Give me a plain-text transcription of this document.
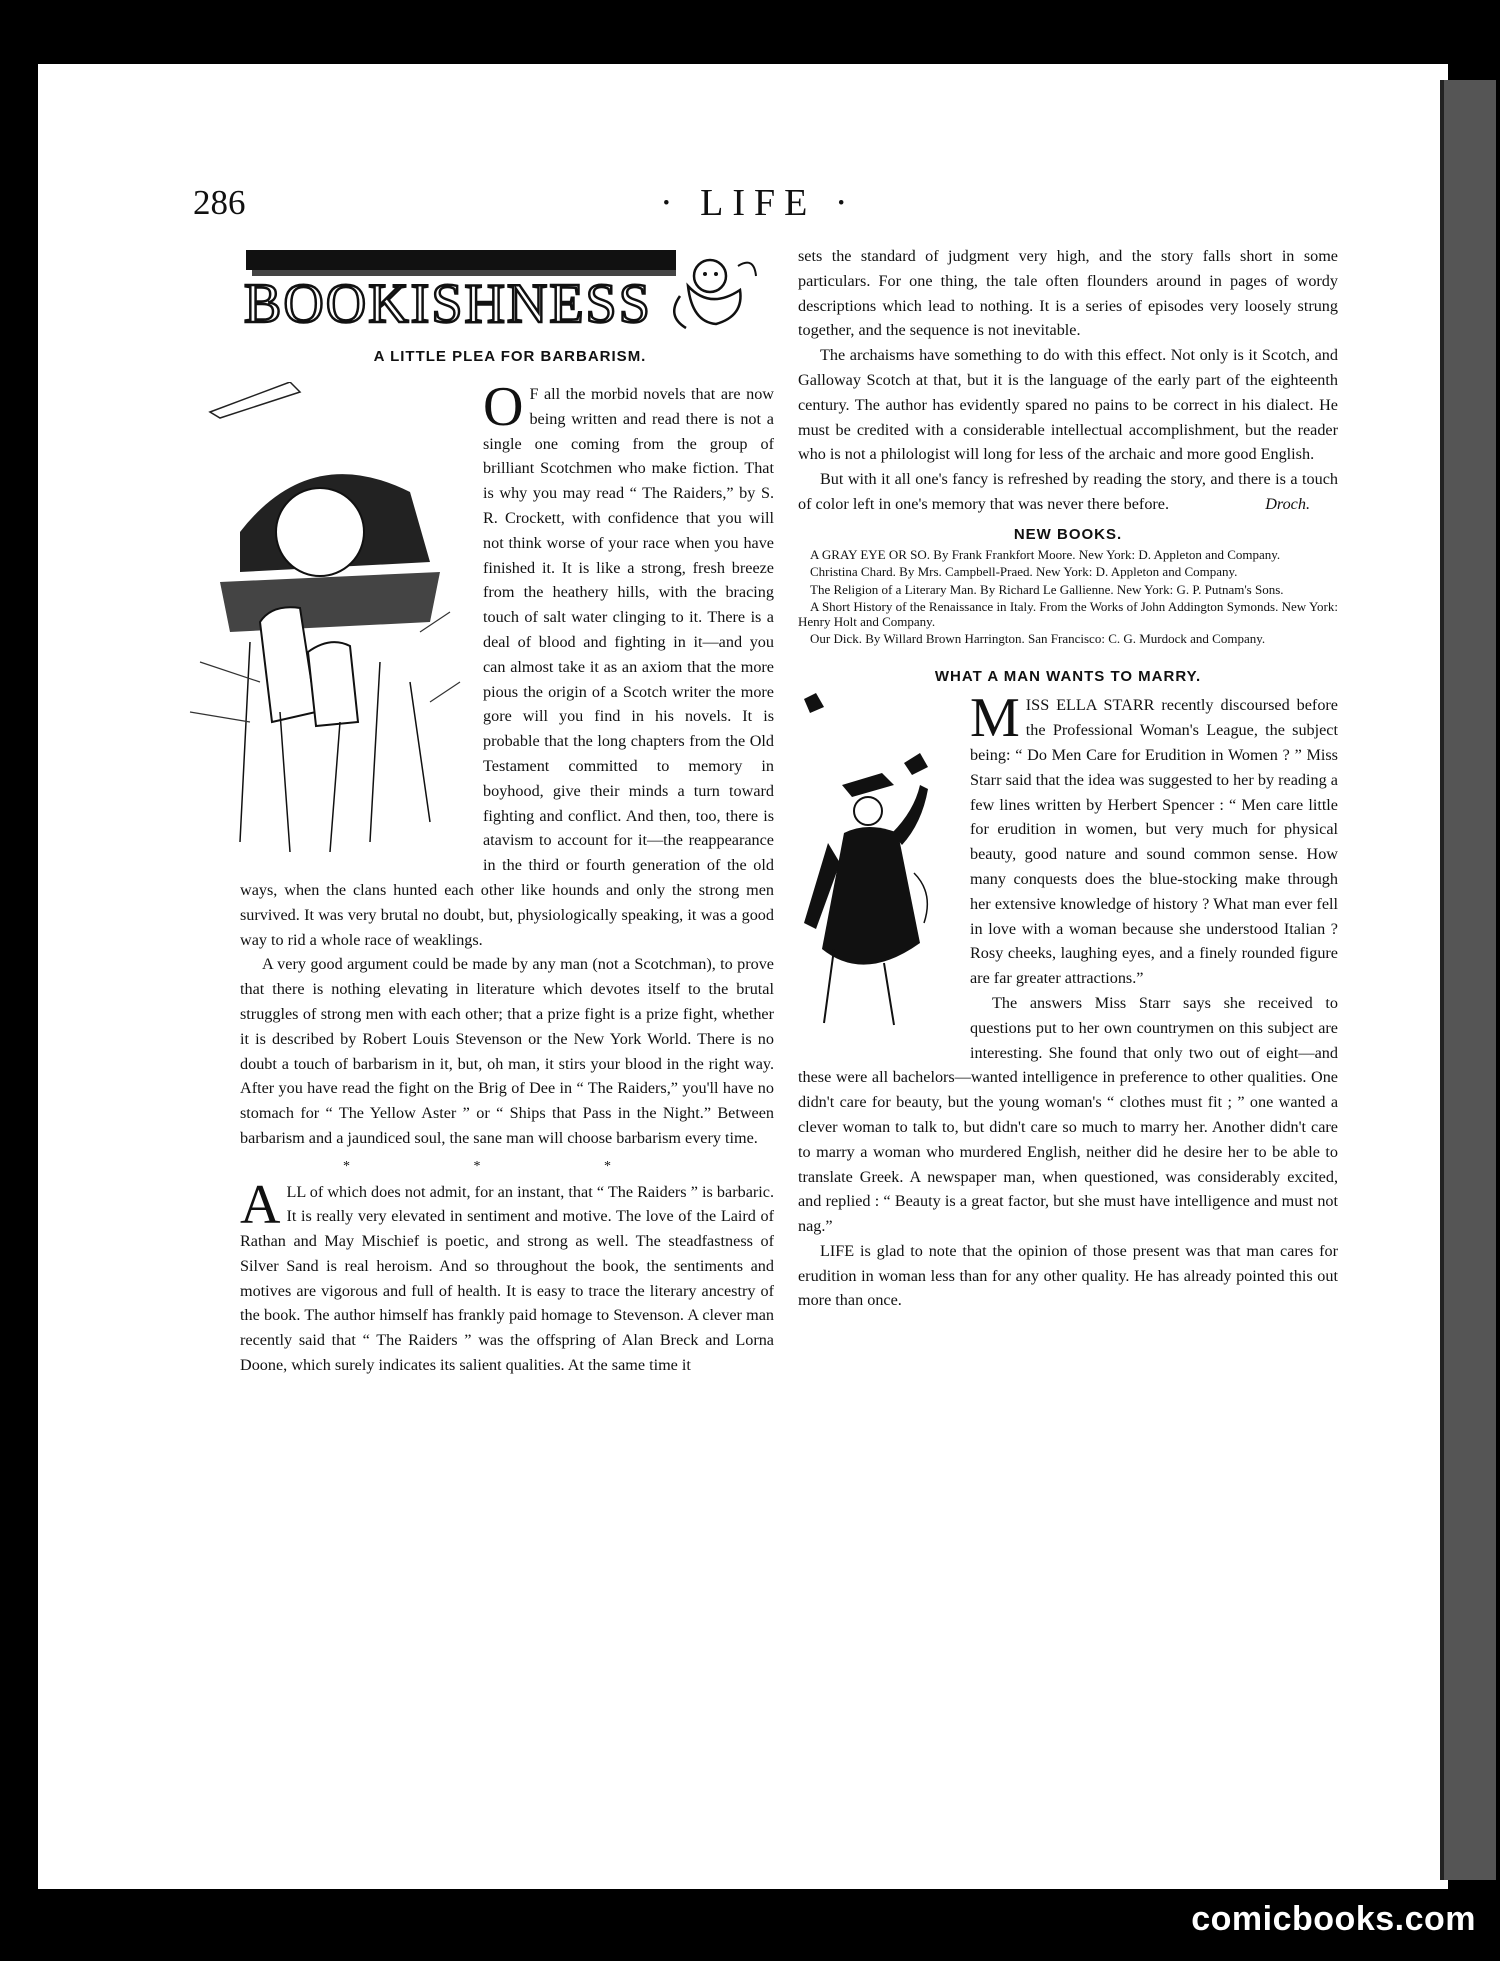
286	· LIFE ·
BOOKISHNESS
A LITTLE PLEA FOR BARBARISM.
O F all the morbid novels that are now being written and read there is not a single one coming from the group of brilliant Scotchmen who make fiction. That is why you may read “ The Raiders,” by S. R. Crockett, with confidence that you will not think worse of your race when you have finished it. It is like a strong, fresh breeze from the heathery hills, with the bracing touch of salt water clinging to it. There is a deal of blood and fighting in it—and you can almost take it as an axiom that the more pious the origin of a Scotch writer the more gore will you find in his novels. It is probable that the long chapters from the Old Testament committed to memory in boyhood, give their minds a turn toward fighting and conflict. And then, too, there is atavism to account for it—the reappearance in the third or fourth generation of the old ways, when the clans hunted each other like hounds and only the strong men survived. It was very brutal no doubt, but, physiologically speaking, it was a good way to rid a whole race of weaklings.

A very good argument could be made by any man (not a Scotchman), to prove that there is nothing elevating in literature which devotes itself to the brutal struggles of strong men with each other; that a prize fight is a prize fight, whether it is described by Robert Louis Stevenson or the New York World. There is no doubt a touch of barbarism in it, but, oh man, it stirs your blood in the right way. After you have read the fight on the Brig of Dee in “ The Raiders,” you'll have no stomach for “ The Yellow Aster ” or “ Ships that Pass in the Night.” Between barbarism and a jaundiced soul, the sane man will choose barbarism every time.

* * *
A LL of which does not admit, for an instant, that “ The Raiders ” is barbaric. It is really very elevated in sentiment and motive. The love of the Laird of Rathan and May Mischief is poetic, and strong as well. The steadfastness of Silver Sand is real heroism. And so throughout the book, the sentiments and motives are vigorous and full of health. It is easy to trace the literary ancestry of the book. The author himself has frankly paid homage to Stevenson. A clever man recently said that “ The Raiders ” was the offspring of Alan Breck and Lorna Doone, which surely indicates its salient qualities. At the same time it

sets the standard of judgment very high, and the story falls short in some particulars. For one thing, the tale often flounders around in pages of wordy descriptions which lead to nothing. It is a series of episodes very loosely strung together, and the sequence is not inevitable.

The archaisms have something to do with this effect. Not only is it Scotch, and Galloway Scotch at that, but it is the language of the early part of the eighteenth century. The author has evidently spared no pains to be correct in his dialect. He must be credited with a considerable intellectual accomplishment, but the reader who is not a philologist will long for less of the archaic and more good English.

But with it all one's fancy is refreshed by reading the story, and there is a touch of color left in one's memory that was never there before.	Droch.

NEW BOOKS.

A GRAY EYE OR SO. By Frank Frankfort Moore. New York: D. Appleton and Company.

Christina Chard. By Mrs. Campbell-Praed. New York: D. Appleton and Company.

The Religion of a Literary Man. By Richard Le Gallienne. New York: G. P. Putnam's Sons.

A Short History of the Renaissance in Italy. From the Works of John Addington Symonds. New York: Henry Holt and Company.

Our Dick. By Willard Brown Harrington. San Francisco: C. G. Murdock and Company.

WHAT A MAN WANTS TO MARRY.
M ISS ELLA STARR recently discoursed before the Professional Woman's League, the subject being: “ Do Men Care for Erudition in Women ? ” Miss Starr said that the idea was suggested to her by reading a few lines written by Herbert Spencer : “ Men care little for erudition in women, but very much for physical beauty, good nature and sound common sense. How many conquests does the blue-stocking make through her extensive knowledge of history ? What man ever fell in love with a woman because she understood Italian ? Rosy cheeks, laughing eyes, and a finely rounded figure are far greater attractions.”

The answers Miss Starr says she received to questions put to her own countrymen on this subject are interesting. She found that only two out of eight—and these were all bachelors—wanted intelligence in preference to other qualities. One didn't care for beauty, but the young woman's “ clothes must fit ; ” one wanted a clever woman to talk to, but didn't care so much to marry her. Another didn't care to marry a woman who murdered English, neither did he desire her to be able to translate Greek. A newspaper man, when questioned, was considerably excited, and replied : “ Beauty is a great factor, but she must have intelligence and must not nag.”

LIFE is glad to note that the opinion of those present was that man cares for erudition in woman less than for any other quality. He has already pointed this out more than once.

comicbooks.com
